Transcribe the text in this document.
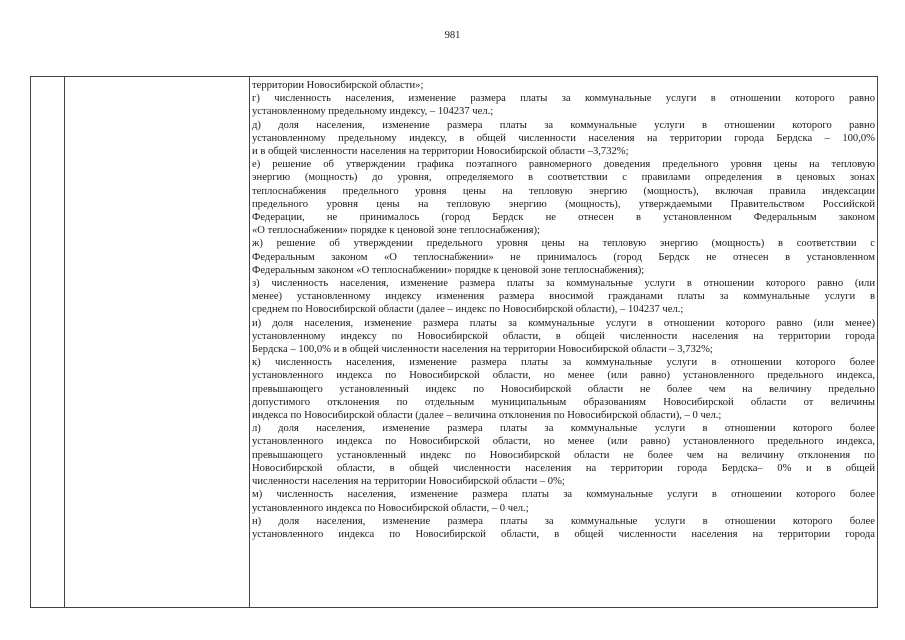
981
территории Новосибирской области»;
г) численность населения, изменение размера платы за коммунальные услуги в отношении которого равно
установленному предельному индексу, – 104237 чел.;
д) доля населения, изменение размера платы за коммунальные услуги в отношении которого равно
установленному предельному индексу, в общей численности населения на территории города Бердска – 100,0%
и в общей численности населения на территории Новосибирской области –3,732%;
е) решение об утверждении графика поэтапного равномерного доведения предельного уровня цены на тепловую
энергию (мощность) до уровня, определяемого в соответствии с правилами определения в ценовых зонах
теплоснабжения предельного уровня цены на тепловую энергию (мощность), включая правила индексации
предельного уровня цены на тепловую энергию (мощность), утверждаемыми Правительством Российской
Федерации, не принималось (город Бердск не отнесен в установленном Федеральным законом
«О теплоснабжении» порядке к ценовой зоне теплоснабжения);
ж) решение об утверждении предельного уровня цены на тепловую энергию (мощность) в соответствии с
Федеральным законом «О теплоснабжении» не принималось (город Бердск не отнесен в установленном
Федеральным законом «О теплоснабжении» порядке к ценовой зоне теплоснабжения);
з) численность населения, изменение размера платы за коммунальные услуги в отношении которого равно (или
менее) установленному индексу изменения размера вносимой гражданами платы за коммунальные услуги в
среднем по Новосибирской области (далее – индекс по Новосибирской области), – 104237 чел.;
и) доля населения, изменение размера платы за коммунальные услуги в отношении которого равно (или менее)
установленному индексу по Новосибирской области, в общей численности населения на территории города
Бердска – 100,0% и в общей численности населения на территории Новосибирской области – 3,732%;
к) численность населения, изменение размера платы за коммунальные услуги в отношении которого более
установленного индекса по Новосибирской области, но менее (или равно) установленного предельного индекса,
превышающего установленный индекс по Новосибирской области не более чем на величину предельно
допустимого отклонения по отдельным муниципальным образованиям Новосибирской области от величины
индекса по Новосибирской области (далее – величина отклонения по Новосибирской области), – 0 чел.;
л) доля населения, изменение размера платы за коммунальные услуги в отношении которого более
установленного индекса по Новосибирской области, но менее (или равно) установленного предельного индекса,
превышающего установленный индекс по Новосибирской области не более чем на величину отклонения по
Новосибирской области, в общей численности населения на территории города Бердска– 0% и в общей
численности населения на территории Новосибирской области – 0%;
м) численность населения, изменение размера платы за коммунальные услуги в отношении которого более
установленного индекса по Новосибирской области, – 0 чел.;
н) доля населения, изменение размера платы за коммунальные услуги в отношении которого более
установленного индекса по Новосибирской области, в общей численности населения на территории города
